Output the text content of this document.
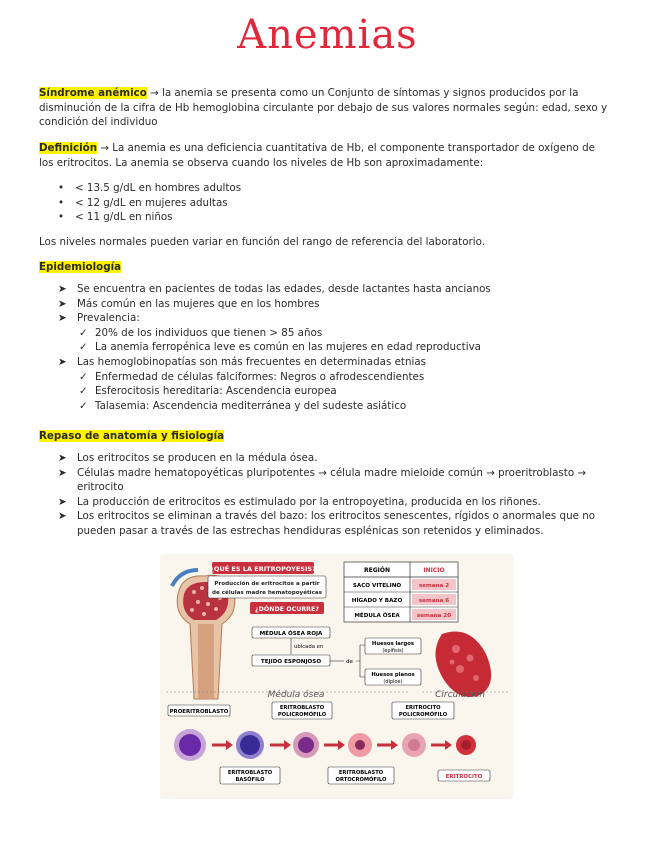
Anemias
Síndrome anémico → la anemia se presenta como un Conjunto de síntomas y signos producidos por la disminución de la cifra de Hb hemoglobina circulante por debajo de sus valores normales según: edad, sexo y condición del individuo
Definición → La anemia es una deficiencia cuantitativa de Hb, el componente transportador de oxígeno de los eritrocitos. La anemia se observa cuando los niveles de Hb son aproximadamente:
• < 13.5 g/dL en hombres adultos
• < 12 g/dL en mujeres adultas
• < 11 g/dL en niños
Los niveles normales pueden variar en función del rango de referencia del laboratorio.
Epidemiología
➤ Se encuentra en pacientes de todas las edades, desde lactantes hasta ancianos
➤ Más común en las mujeres que en los hombres
➤ Prevalencia:
✓ 20% de los individuos que tienen > 85 años
✓ La anemia ferropénica leve es común en las mujeres en edad reproductiva
➤ Las hemoglobinopatías son más frecuentes en determinadas etnias
✓ Enfermedad de células falciformes: Negros o afrodescendientes
✓ Esferocitosis hereditaria: Ascendencia europea
✓ Talasemia: Ascendencia mediterránea y del sudeste asiático
Repaso de anatomía y fisiología
➤ Los eritrocitos se producen en la médula ósea.
➤ Células madre hematopoyéticas pluripotentes → célula madre mieloide común → proeritroblasto → eritrocito
➤ La producción de eritrocitos es estimulado por la entropoyetina, producida en los riñones.
➤ Los eritrocitos se eliminan a través del bazo: los eritrocitos senescentes, rígidos o anormales que no pueden pasar a través de las estrechas hendiduras esplénicas son retenidos y eliminados.
¿QUÉ ES LA ERITROPOYESIS?
Producción de eritrocitos a partir
de células madre hematopoyéticas
¿DÓNDE OCURRE?
MÉDULA ÓSEA ROJA
ubicada en
TEJIDO ESPONJOSO	de
Huesos largos
(epífisis)
Huesos planos
(diploe)
REGIÓN	INICIO
SACO VITELINO	semana 2
HÍGADO Y BAZO	semana 6
MÉDULA ÓSEA	semana 20
Médula ósea	Circulación
PROERITROBLASTO
ERITROBLASTO
POLICROMÓFILO
ERITROCITO
POLICROMÓFILO
ERITROBLASTO
BASÓFILO
ERITROBLASTO
ORTOCROMÓFILO	ERITROCITO
